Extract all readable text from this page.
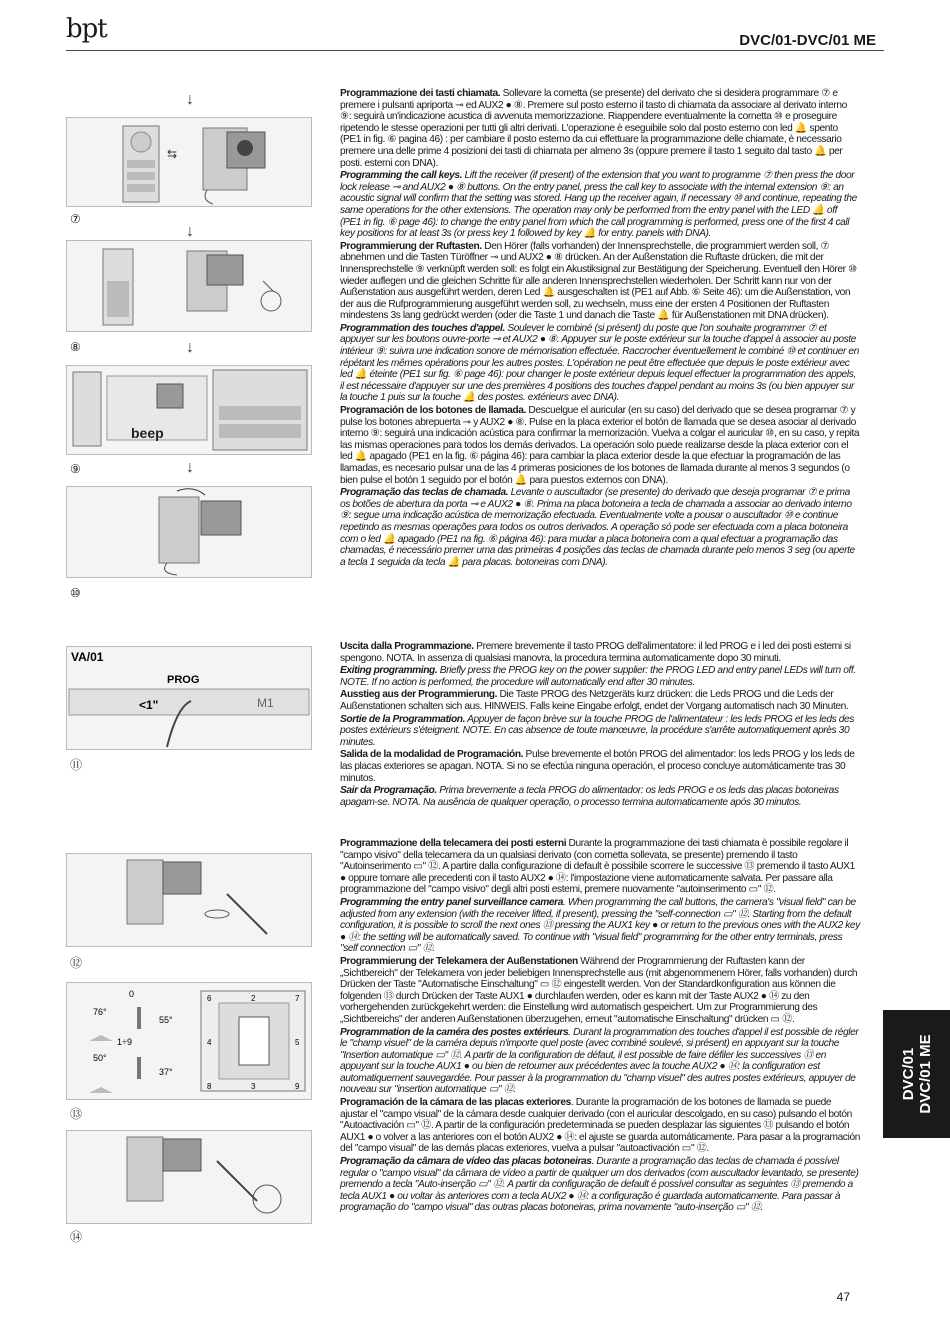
bpt	DVC/01-DVC/01 ME
↓
↓
↓
↓
⇆
⑦
⑧
beep
⑨
⑩
VA/01
PROG
<1"	M1
⑪
⑫
0
76°
55°
1÷9
50°
37°
6	2	7
4	5
8	3	9
⑬
⑭

Programmazione dei tasti chiamata. Sollevare la cornetta (se presente) del derivato che si desidera programmare ⑦ e premere i pulsanti apriporta ⊸ ed AUX2 ● ⑧. Premere sul posto esterno il tasto di chiamata da associare al derivato interno ⑨: seguirà un'indicazione acustica di avvenuta memorizzazione. Riappendere eventualmente la cornetta ⑩ e proseguire ripetendo le stesse operazioni per tutti gli altri derivati. L'operazione è eseguibile solo dal posto esterno con led 🔔 spento (PE1 in fig. ⑥ pagina 46) : per cambiare il posto esterno da cui effettuare la programmazione delle chiamate, è necessario premere una delle prime 4 posizioni dei tasti di chiamata per almeno 3s (oppure premere il tasto 1 seguito dal tasto 🔔 per posti. esterni con DNA).

Programming the call keys. Lift the receiver (if present) of the extension that you want to programme ⑦ then press the door lock release ⊸ and AUX2 ● ⑧ buttons. On the entry panel, press the call key to associate with the internal extension ⑨: an acoustic signal will confirm that the setting was stored. Hang up the receiver again, if necessary ⑩ and continue, repeating the same operations for the other extensions. The operation may only be performed from the entry panel with the LED 🔔 off (PE1 in fig. ⑥ page 46): to change the entry panel from which the call programming is performed, press one of the first 4 call key positions for at least 3s (or press key 1 followed by key 🔔 for entry. panels with DNA).

Programmierung der Ruftasten. Den Hörer (falls vorhanden) der Innensprechstelle, die programmiert werden soll, ⑦ abnehmen und die Tasten Türöffner ⊸ und AUX2 ● ⑧ drücken. An der Außenstation die Ruftaste drücken, die mit der Innensprechstelle ⑨ verknüpft werden soll: es folgt ein Akustiksignal zur Bestätigung der Speicherung. Eventuell den Hörer ⑩ wieder auflegen und die gleichen Schritte für alle anderen Innensprechstellen wiederholen. Der Schritt kann nur von der Außenstation aus ausgeführt werden, deren Led 🔔 ausgeschalten ist (PE1 auf Abb. ⑥ Seite 46): um die Außenstation, von der aus die Rufprogrammierung ausgeführt werden soll, zu wechseln, muss eine der ersten 4 Positionen der Ruftasten mindestens 3s lang gedrückt werden (oder die Taste 1 und danach die Taste 🔔 für Außenstationen mit DNA drücken).

Programmation des touches d'appel. Soulever le combiné (si présent) du poste que l'on souhaite programmer ⑦ et appuyer sur les boutons ouvre-porte ⊸ et AUX2 ● ⑧. Appuyer sur le poste extérieur sur la touche d'appel à associer au poste intérieur ⑨: suivra une indication sonore de mémorisation effectuée. Raccrocher éventuellement le combiné ⑩ et continuer en répétant les mêmes opérations pour les autres postes. L'opération ne peut être effectuée que depuis le poste extérieur avec led 🔔 éteinte (PE1 sur fig. ⑥ page 46): pour changer le poste extérieur depuis lequel effectuer la programmation des appels, il est nécessaire d'appuyer sur une des premières 4 positions des touches d'appel pendant au moins 3s (ou bien appuyer sur la touche 1 puis sur la touche 🔔 des postes. extérieurs avec DNA).

Programación de los botones de llamada. Descuelgue el auricular (en su caso) del derivado que se desea programar ⑦ y pulse los botones abrepuerta ⊸ y AUX2 ● ⑧. Pulse en la placa exterior el botón de llamada que se desea asociar al derivado interno ⑨: seguirá una indicación acústica para confirmar la memorización. Vuelva a colgar el auricular ⑩, en su caso, y repita las mismas operaciones para todos los demás derivados. La operación solo puede realizarse desde la placa exterior con el led 🔔 apagado (PE1 en la fig. ⑥ página 46): para cambiar la placa exterior desde la que efectuar la programación de las llamadas, es necesario pulsar una de las 4 primeras posiciones de los botones de llamada durante al menos 3 segundos (o bien pulse el botón 1 seguido por el botón 🔔 para puestos externos con DNA).

Programação das teclas de chamada. Levante o auscultador (se presente) do derivado que deseja programar ⑦ e prima os botões de abertura da porta ⊸ e AUX2 ● ⑧. Prima na placa botoneira a tecla de chamada a associar ao derivado interno ⑨: segue uma indicação acústica de memorização efectuada. Eventualmente volte a pousar o auscultador ⑩ e continue repetindo as mesmas operações para todos os outros derivados. A operação só pode ser efectuada com a placa botoneira com o led 🔔 apagado (PE1 na fig. ⑥ página 46): para mudar a placa botoneira com a qual efectuar a programação das chamadas, é necessário premer uma das primeiras 4 posições das teclas de chamada durante pelo menos 3 seg (ou aperte a tecla 1 seguida da tecla 🔔 para placas. botoneiras com DNA).

Uscita dalla Programmazione. Premere brevemente il tasto PROG dell'alimentatore: il led PROG e i led dei posti esterni si spengono. NOTA. In assenza di qualsiasi manovra, la procedura termina automaticamente dopo 30 minuti.

Exiting programming. Briefly press the PROG key on the power supplier: the PROG LED and entry panel LEDs will turn off. NOTE. If no action is performed, the procedure will automatically end after 30 minutes.

Ausstieg aus der Programmierung. Die Taste PROG des Netzgeräts kurz drücken: die Leds PROG und die Leds der Außenstationen schalten sich aus. HINWEIS. Falls keine Eingabe erfolgt, endet der Vorgang automatisch nach 30 Minuten.

Sortie de la Programmation. Appuyer de façon brève sur la touche PROG de l'alimentateur : les leds PROG et les leds des postes extérieurs s'éteignent. NOTE. En cas absence de toute manœuvre, la procédure s'arrête automatiquement après 30 minutes.

Salida de la modalidad de Programación. Pulse brevemente el botón PROG del alimentador: los leds PROG y los leds de las placas exteriores se apagan. NOTA. Si no se efectúa ninguna operación, el proceso concluye automáticamente tras 30 minutos.

Sair da Programação. Prima brevemente a tecla PROG do alimentador: os leds PROG e os leds das placas botoneiras apagam-se. NOTA. Na ausência de qualquer operação, o processo termina automaticamente após 30 minutos.

Programmazione della telecamera dei posti esterni Durante la programmazione dei tasti chiamata è possibile regolare il "campo visivo" della telecamera da un qualsiasi derivato (con cornetta sollevata, se presente) premendo il tasto "Autoinserimento ▭" ⑫. A partire dalla configurazione di default è possibile scorrere le successive ⑬ premendo il tasto AUX1 ● oppure tornare alle precedenti con il tasto AUX2 ● ⑭: l'impostazione viene automaticamente salvata. Per passare alla programmazione del "campo visivo" degli altri posti esterni, premere nuovamente "autoinserimento ▭" ⑫.

Programming the entry panel surveillance camera. When programming the call buttons, the camera's "visual field" can be adjusted from any extension (with the receiver lifted, if present), pressing the "self-connection ▭" ⑫. Starting from the default configuration, it is possible to scroll the next ones ⑬ pressing the AUX1 key ● or return to the previous ones with the AUX2 key ● ⑭: the setting will be automatically saved. To continue with "visual field" programming for the other entry terminals, press "self connection ▭" ⑫.

Programmierung der Telekamera der Außenstationen Während der Programmierung der Ruftasten kann der „Sichtbereich" der Telekamera von jeder beliebigen Innensprechstelle aus (mit abgenommenem Hörer, falls vorhanden) durch Drücken der Taste "Automatische Einschaltung" ▭ ⑫ eingestellt werden. Von der Standardkonfiguration aus können die folgenden ⑬ durch Drücken der Taste AUX1 ● durchlaufen werden, oder es kann mit der Taste AUX2 ● ⑭ zu den vorhergehenden zurückgekehrt werden: die Einstellung wird automatisch gespeichert. Um zur Programmierung des „Sichtbereichs" der anderen Außenstationen überzugehen, erneut "automatische Einschaltung" drücken ▭ ⑫.

Programmation de la caméra des postes extérieurs. Durant la programmation des touches d'appel il est possible de régler le "champ visuel" de la caméra depuis n'importe quel poste (avec combiné soulevé, si présent) en appuyant sur la touche "Insertion automatique ▭" ⑫. A partir de la configuration de défaut, il est possible de faire défiler les successives ⑬ en appuyant sur la touche AUX1 ● ou bien de retourner aux précédentes avec la touche AUX2 ● ⑭: la configuration est automatiquement sauvegardée. Pour passer à la programmation du "champ visuel" des autres postes extérieurs, appuyer de nouveau sur "insertion automatique ▭" ⑫.

Programación de la cámara de las placas exteriores. Durante la programación de los botones de llamada se puede ajustar el "campo visual" de la cámara desde cualquier derivado (con el auricular descolgado, en su caso) pulsando el botón "Autoactivación ▭" ⑫. A partir de la configuración predeterminada se pueden desplazar las siguientes ⑬ pulsando el botón AUX1 ● o volver a las anteriores con el botón AUX2 ● ⑭: el ajuste se guarda automáticamente. Para pasar a la programación del "campo visual" de las demás placas exteriores, vuelva a pulsar "autoactivación ▭" ⑫.

Programação da câmara de vídeo das placas botoneiras. Durante a programação das teclas de chamada é possível regular o "campo visual" da câmara de vídeo a partir de qualquer um dos derivados (com auscultador levantado, se presente) premendo a tecla "Auto-inserção ▭" ⑫. A partir da configuração de default é possível consultar as seguintes ⑬ premendo a tecla AUX1 ● ou voltar às anteriores com a tecla AUX2 ● ⑭: a configuração é guardada automaticamente. Para passar à programação do "campo visual" das outras placas botoneiras, prima novamente "auto-inserção ▭" ⑫.

DVC/01 DVC/01 ME
47
